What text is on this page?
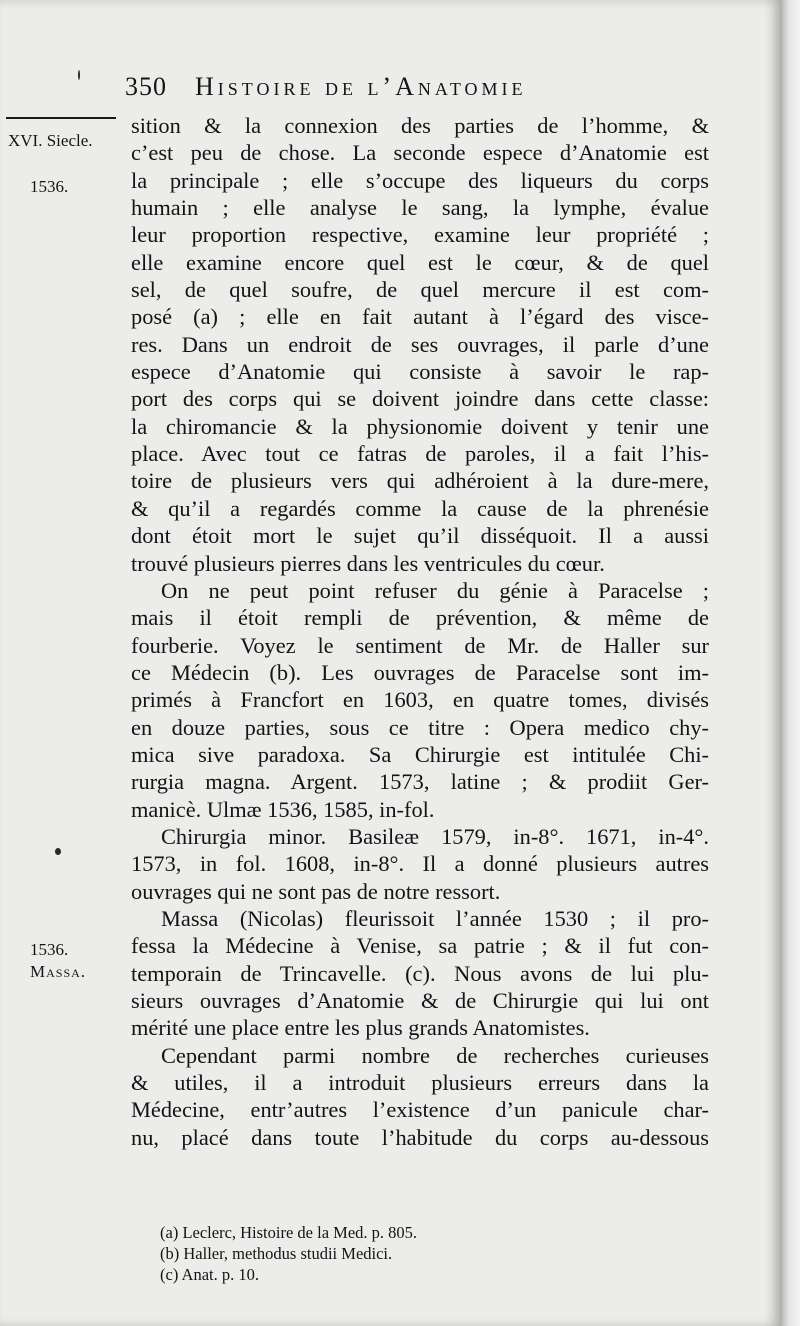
350 Histoire de l’Anatomie
XVI. Siecle.
1536.
1536.
Massa.
sition & la connexion des parties de l’homme, &
c’est peu de chose. La seconde espece d’Anatomie est
la principale ; elle s’occupe des liqueurs du corps
humain ; elle analyse le sang, la lymphe, évalue
leur proportion respective, examine leur propriété ;
elle examine encore quel est le cœur, & de quel
sel, de quel soufre, de quel mercure il est com-
posé (a) ; elle en fait autant à l’égard des visce-
res. Dans un endroit de ses ouvrages, il parle d’une
espece d’Anatomie qui consiste à savoir le rap-
port des corps qui se doivent joindre dans cette classe:
la chiromancie & la physionomie doivent y tenir une
place. Avec tout ce fatras de paroles, il a fait l’his-
toire de plusieurs vers qui adhéroient à la dure-mere,
& qu’il a regardés comme la cause de la phrenésie
dont étoit mort le sujet qu’il disséquoit. Il a aussi
trouvé plusieurs pierres dans les ventricules du cœur.
On ne peut point refuser du génie à Paracelse ;
mais il étoit rempli de prévention, & même de
fourberie. Voyez le sentiment de Mr. de Haller sur
ce Médecin (b). Les ouvrages de Paracelse sont im-
primés à Francfort en 1603, en quatre tomes, divisés
en douze parties, sous ce titre : Opera medico chy-
mica sive paradoxa. Sa Chirurgie est intitulée Chi-
rurgia magna. Argent. 1573, latine ; & prodiit Ger-
manicè. Ulmæ 1536, 1585, in-fol.
Chirurgia minor. Basileæ 1579, in-8°. 1671, in-4°.
1573, in fol. 1608, in-8°. Il a donné plusieurs autres
ouvrages qui ne sont pas de notre ressort.
Massa (Nicolas) fleurissoit l’année 1530 ; il pro-
fessa la Médecine à Venise, sa patrie ; & il fut con-
temporain de Trincavelle. (c). Nous avons de lui plu-
sieurs ouvrages d’Anatomie & de Chirurgie qui lui ont
mérité une place entre les plus grands Anatomistes.
Cependant parmi nombre de recherches curieuses
& utiles, il a introduit plusieurs erreurs dans la
Médecine, entr’autres l’existence d’un panicule char-
nu, placé dans toute l’habitude du corps au-dessous
(a) Leclerc, Histoire de la Med. p. 805.
(b) Haller, methodus studii Medici.
(c) Anat. p. 10.
